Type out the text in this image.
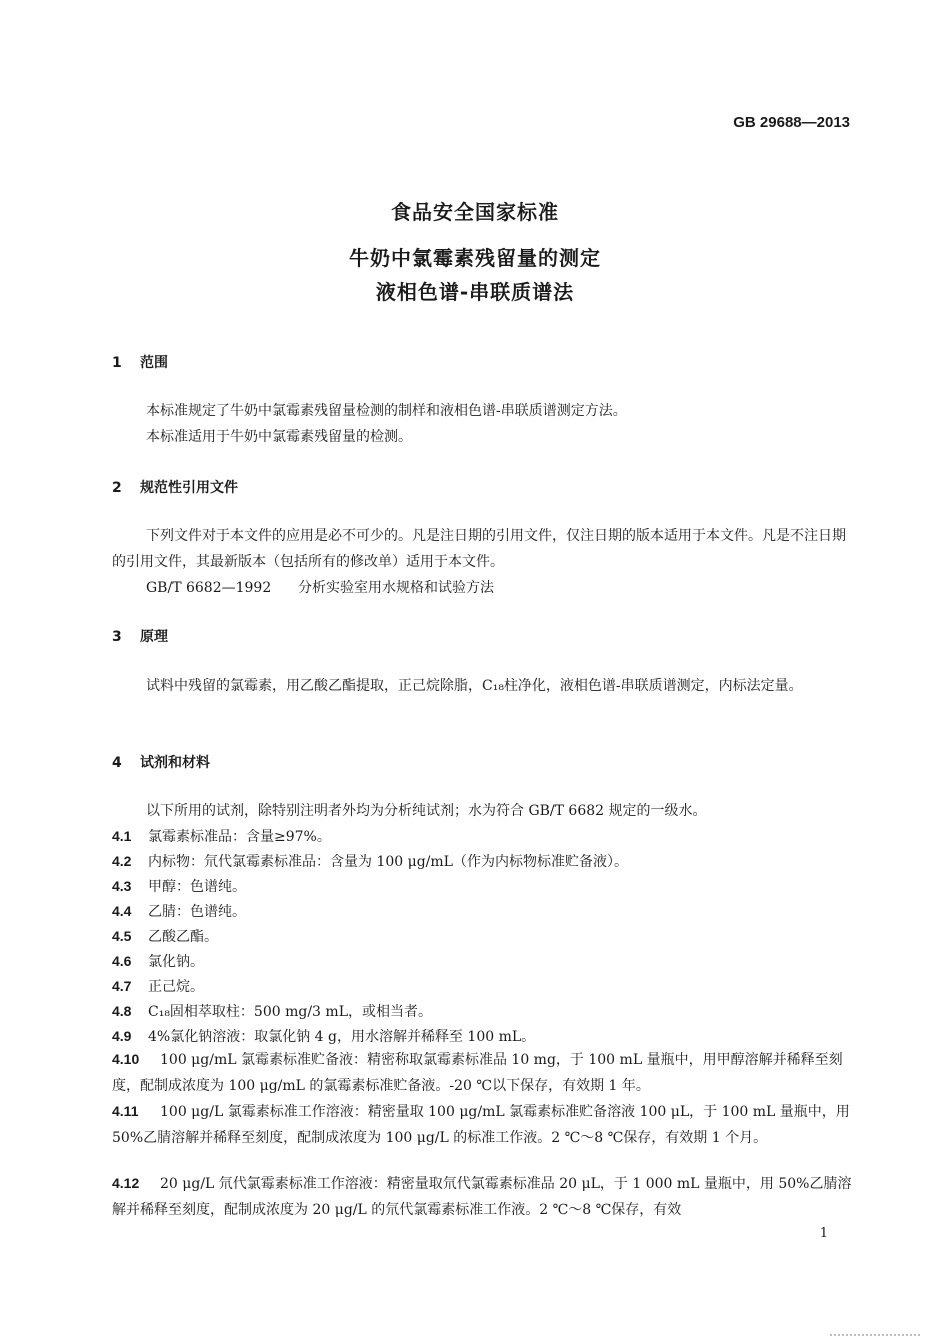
GB 29688—2013
食品安全国家标准
牛奶中氯霉素残留量的测定
液相色谱-串联质谱法
1 范围
本标准规定了牛奶中氯霉素残留量检测的制样和液相色谱-串联质谱测定方法。
本标准适用于牛奶中氯霉素残留量的检测。
2 规范性引用文件
下列文件对于本文件的应用是必不可少的。凡是注日期的引用文件，仅注日期的版本适用于本文件。凡是不注日期的引用文件，其最新版本（包括所有的修改单）适用于本文件。
GB/T 6682—1992 分析实验室用水规格和试验方法
3 原理
试料中残留的氯霉素，用乙酸乙酯提取，正己烷除脂，C₁₈柱净化，液相色谱-串联质谱测定，内标法定量。
4 试剂和材料
以下所用的试剂，除特别注明者外均为分析纯试剂；水为符合 GB/T 6682 规定的一级水。
4.1 氯霉素标准品：含量≥97%。
4.2 内标物：氘代氯霉素标准品：含量为 100 μg/mL（作为内标物标准贮备液）。
4.3 甲醇：色谱纯。
4.4 乙腈：色谱纯。
4.5 乙酸乙酯。
4.6 氯化钠。
4.7 正己烷。
4.8 C₁₈固相萃取柱：500 mg/3 mL，或相当者。
4.9 4%氯化钠溶液：取氯化钠 4 g，用水溶解并稀释至 100 mL。
4.10 100 μg/mL 氯霉素标准贮备液：精密称取氯霉素标准品 10 mg，于 100 mL 量瓶中，用甲醇溶解并稀释至刻度，配制成浓度为 100 μg/mL 的氯霉素标准贮备液。-20 ℃以下保存，有效期 1 年。
4.11 100 μg/L 氯霉素标准工作溶液：精密量取 100 μg/mL 氯霉素标准贮备溶液 100 μL，于 100 mL 量瓶中，用 50%乙腈溶解并稀释至刻度，配制成浓度为 100 μg/L 的标准工作液。2 ℃～8 ℃保存，有效期 1 个月。
4.12 20 μg/L 氘代氯霉素标准工作溶液：精密量取氘代氯霉素标准品 20 μL，于 1 000 mL 量瓶中，用 50%乙腈溶解并稀释至刻度，配制成浓度为 20 μg/L 的氘代氯霉素标准工作液。2 ℃～8 ℃保存，有效
1
